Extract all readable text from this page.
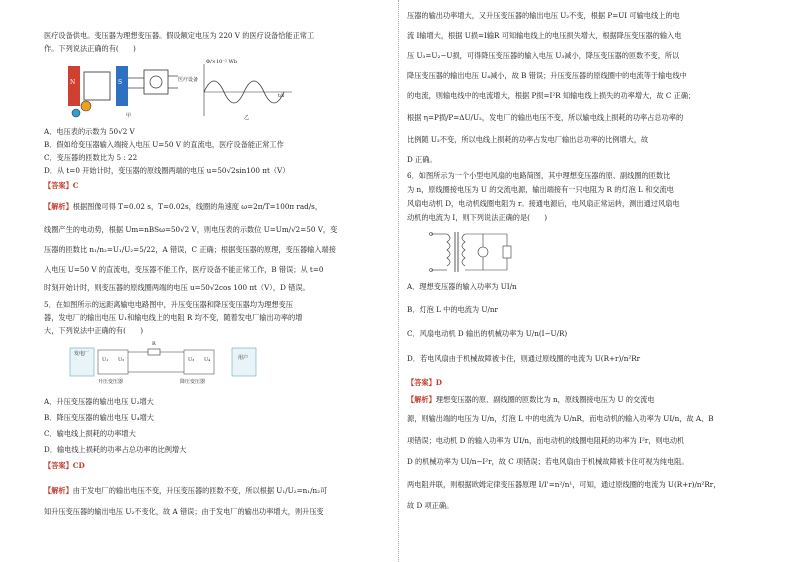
医疗设备供电。变压器为理想变压器。假设额定电压为 220 V 的医疗设备恰能正常工
作。下列说法正确的有(　　)
N	S	医疗设备
甲
Φ/×10⁻² Wb
t/s
乙
A．电压表的示数为 50√2 V
B．假如给变压器输入端接入电压 U=50 V 的直流电，医疗设备能正常工作
C．变压器的匝数比为 5 : 22
D．从 t=0 开始计时，变压器的原线圈两端的电压 u=50√2sin100 πt（V）
【答案】C
【解析】根据图像可得 T=0.02 s，T=0.02s，线圈的角速度 ω=2π/T=100π rad/s，
线圈产生的电动势，根据 Um=nBSω=50√2 V，则电压表的示数位 U=Um/√2=50 V，变
压器的匝数比 n₁/n₂=U₁/U₂=5/22，A 错误，C 正确；根据变压器的原理，变压器输入端接
入电压 U=50 V 的直流电，变压器不能工作，医疗设备不能正常工作，B 错误；从 t=0
时刻开始计时，则变压器的原线圈两端的电压 u=50√2cos 100 πt（V），D 错误。
5．在如图所示的远距离输电电路图中，升压变压器和降压变压器均为理想变压
器，发电厂的输出电压 U₁和输电线上的电阻 R 均不变，随着发电厂输出功率的增
大，下列说法中正确的有(　　)
发电厂
U₁ U₂
R
U₃ U₄	用户
升压变压器	降压变压器
A．升压变压器的输出电压 U₂增大
B．降压变压器的输出电压 U₄增大
C．输电线上损耗的功率增大
D．输电线上损耗的功率占总功率的比例增大
【答案】CD
【解析】由于发电厂的输出电压不变，升压变压器的匝数不变，所以根据 U₁/U₂=n₁/n₂可
知升压变压器的输出电压 U₂不变化，故 A 错误；由于发电厂的输出功率增大，则升压变
压器的输出功率增大，又升压变压器的输出电压 U₂不变，根据 P=UI 可输电线上的电
流 I输增大，根据 U损=I输R 可知输电线上的电压损失增大，根据降压变压器的输入电
压 U₃=U₂−U损，可得降压变压器的输入电压 U₃减小，降压变压器的匝数不变，所以
降压变压器的输出电压 U₄减小，故 B 错误；升压变压器的原线圈中的电流等于输电线中
的电流，则输电线中的电流增大，根据 P损=I²R 知输电线上损失的功率增大，故 C 正确；
根据 η=P损/P=ΔU/U₂，发电厂的输出电压不变，所以输电线上损耗的功率占总功率的
比例随 U₂不变，所以电线上损耗的功率占发电厂输出总功率的比例增大，故
D 正确。
6．如图所示为一个小型电风扇的电路简图，其中理想变压器的原、副线圈的匝数比
为 n，原线圈接电压为 U 的交流电源，输出端接有一只电阻为 R 的灯泡 L 和交流电
风扇电动机 D，电动机线圈电阻为 r。接通电源后，电风扇正常运转，测出通过风扇电
动机的电流为 I，则下列说法正确的是(　　)
A．理想变压器的输入功率为 UI/n
B．灯泡 L 中的电流为 U/nr
C．风扇电动机 D 输出的机械功率为 U/n(I−U/R)
D．若电风扇由于机械故障被卡住，则通过原线圈的电流为 U(R+r)/n²Rr
【答案】D
【解析】理想变压器的原、副线圈的匝数比为 n，原线圈接电压为 U 的交流电
源，则输出端的电压为 U/n，灯泡 L 中的电流为 U/nR，而电动机的输入功率为 UI/n，故 A、B
项错误；电动机 D 的输入功率为 UI/n，而电动机的线圈电阻耗的功率为 I²r，则电动机
D 的机械功率为 UI/n−I²r，故 C 项错误；若电风扇由于机械故障被卡住可视为纯电阻。
两电阻并联，则根据欧姆定律变压器原理 I/I'=n²/n¹，可知，通过原线圈的电流为 U(R+r)/n²Rr，
故 D 项正确。
